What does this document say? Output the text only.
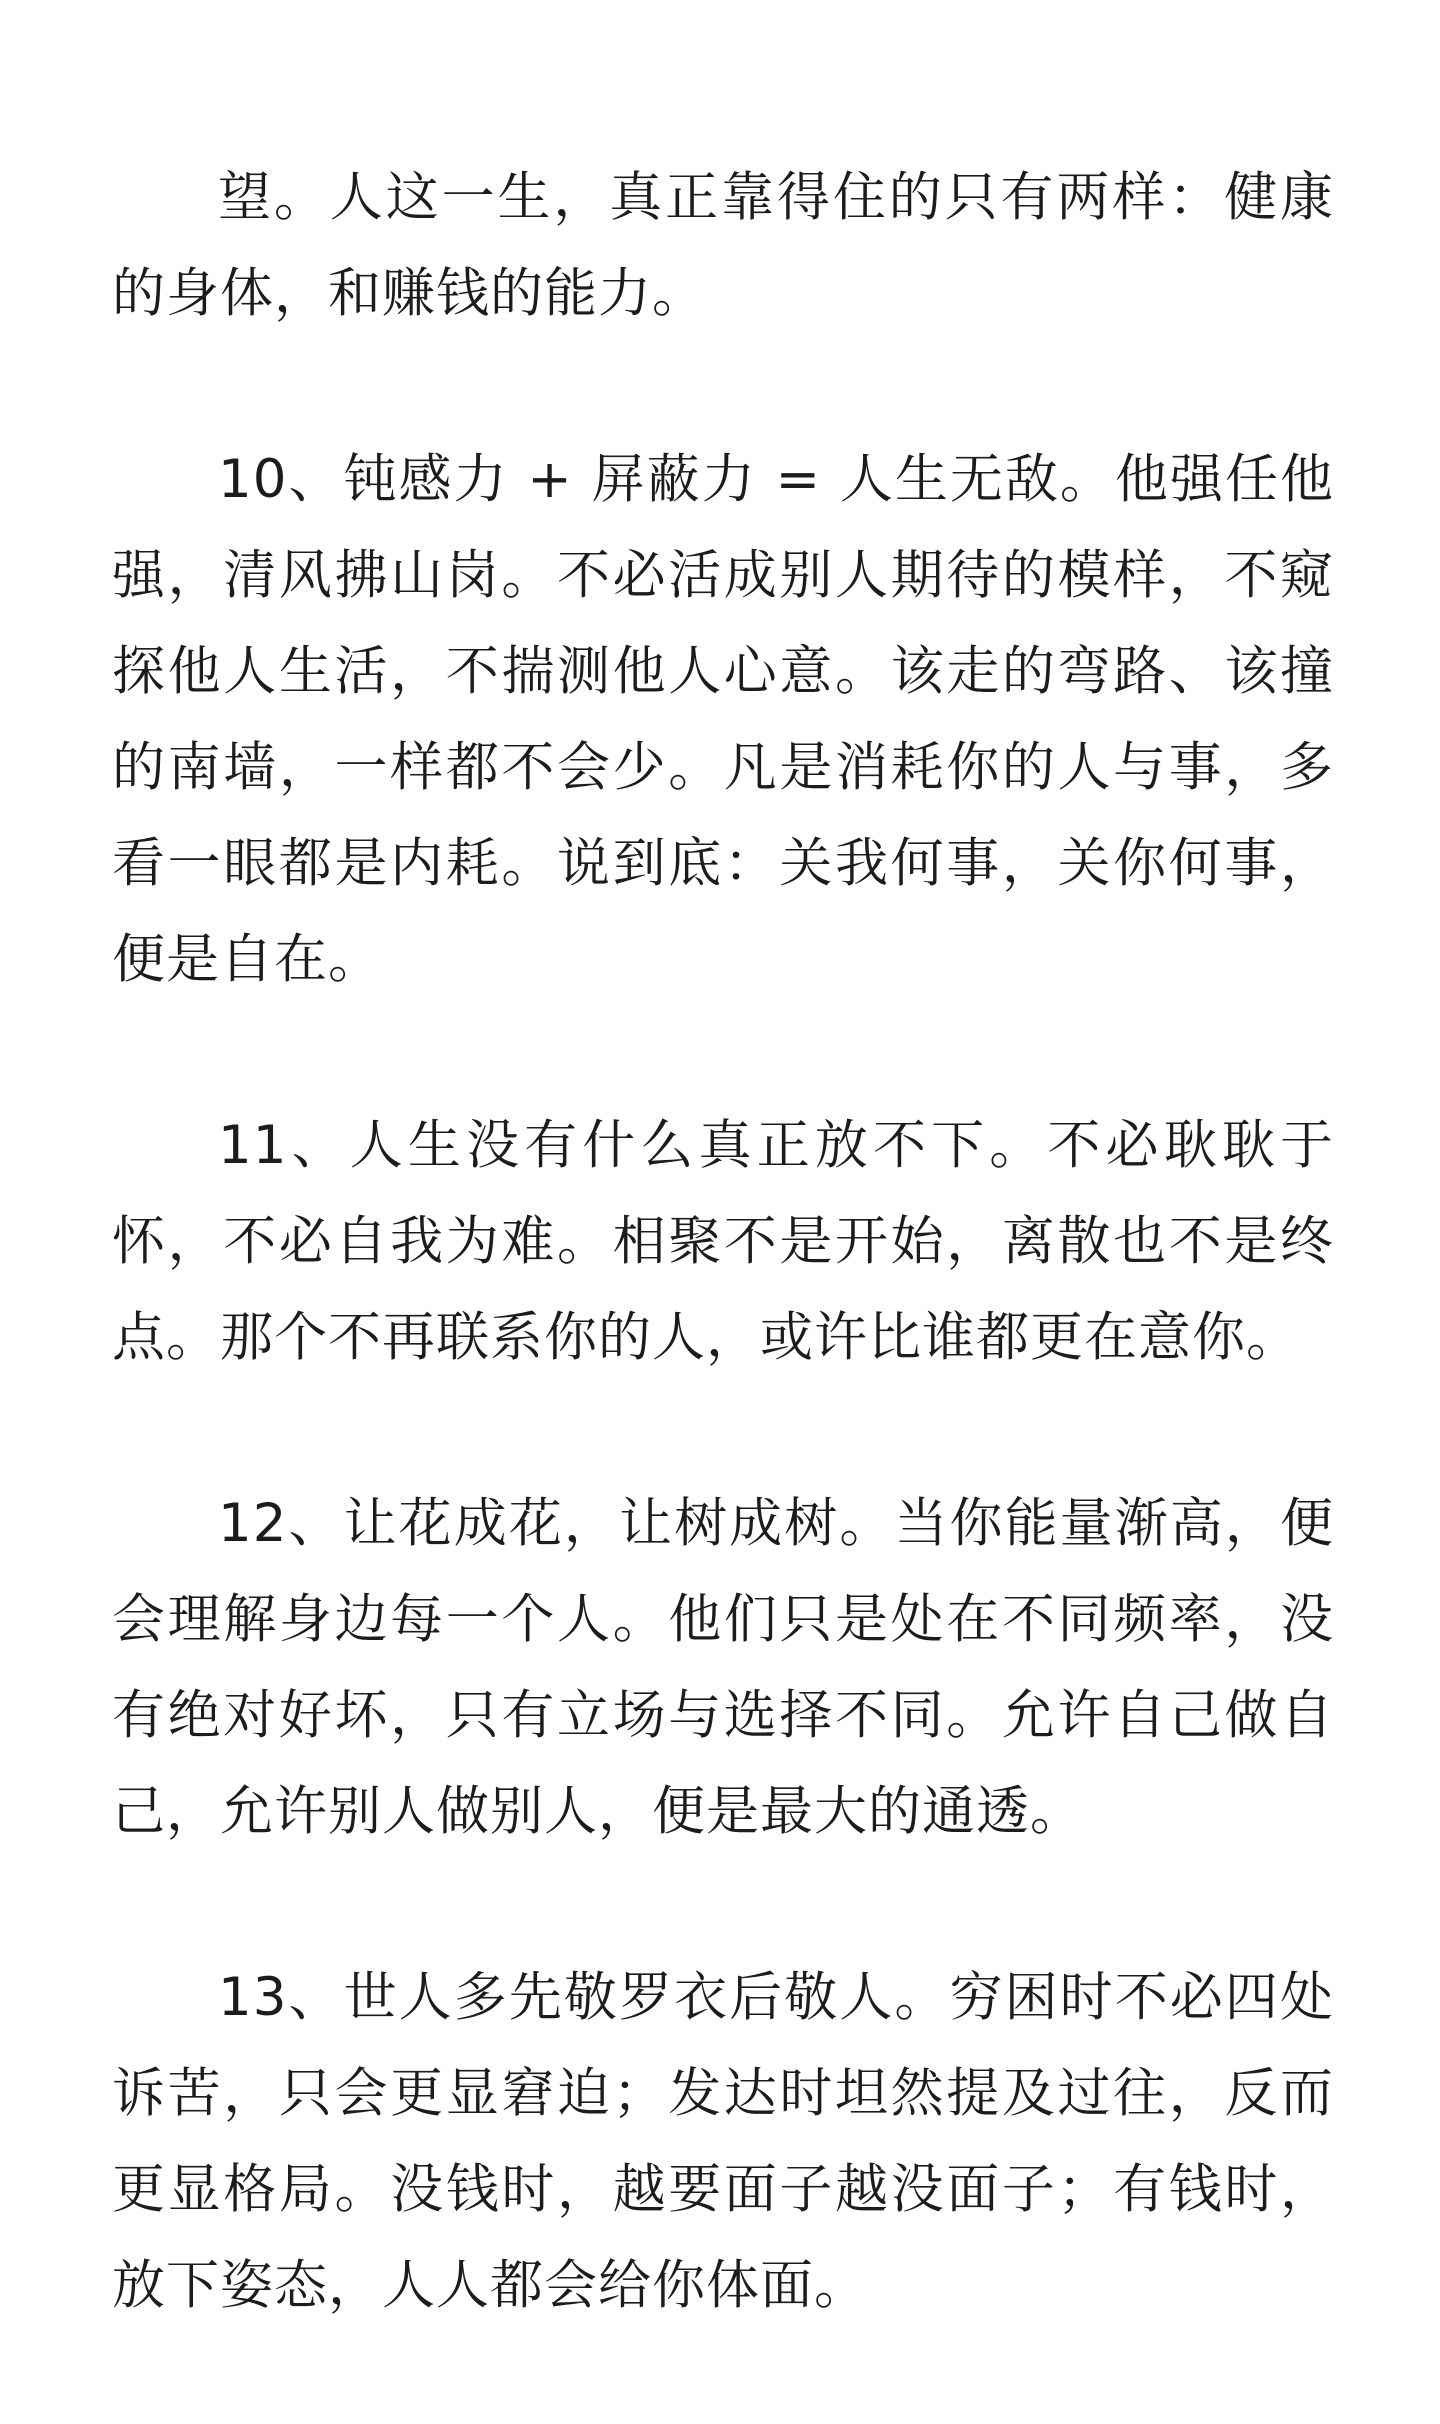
望。人这一生，真正靠得住的只有两样：健康的身体，和赚钱的能力。

10、钝感力 + 屏蔽力 = 人生无敌。他强任他强，清风拂山岗。不必活成别人期待的模样，不窥探他人生活，不揣测他人心意。该走的弯路、该撞的南墙，一样都不会少。凡是消耗你的人与事，多看一眼都是内耗。说到底：关我何事，关你何事，便是自在。

11、人生没有什么真正放不下。不必耿耿于怀，不必自我为难。相聚不是开始，离散也不是终点。那个不再联系你的人，或许比谁都更在意你。

12、让花成花，让树成树。当你能量渐高，便会理解身边每一个人。他们只是处在不同频率，没有绝对好坏，只有立场与选择不同。允许自己做自己，允许别人做别人，便是最大的通透。

13、世人多先敬罗衣后敬人。穷困时不必四处诉苦，只会更显窘迫；发达时坦然提及过往，反而更显格局。没钱时，越要面子越没面子；有钱时，放下姿态，人人都会给你体面。
